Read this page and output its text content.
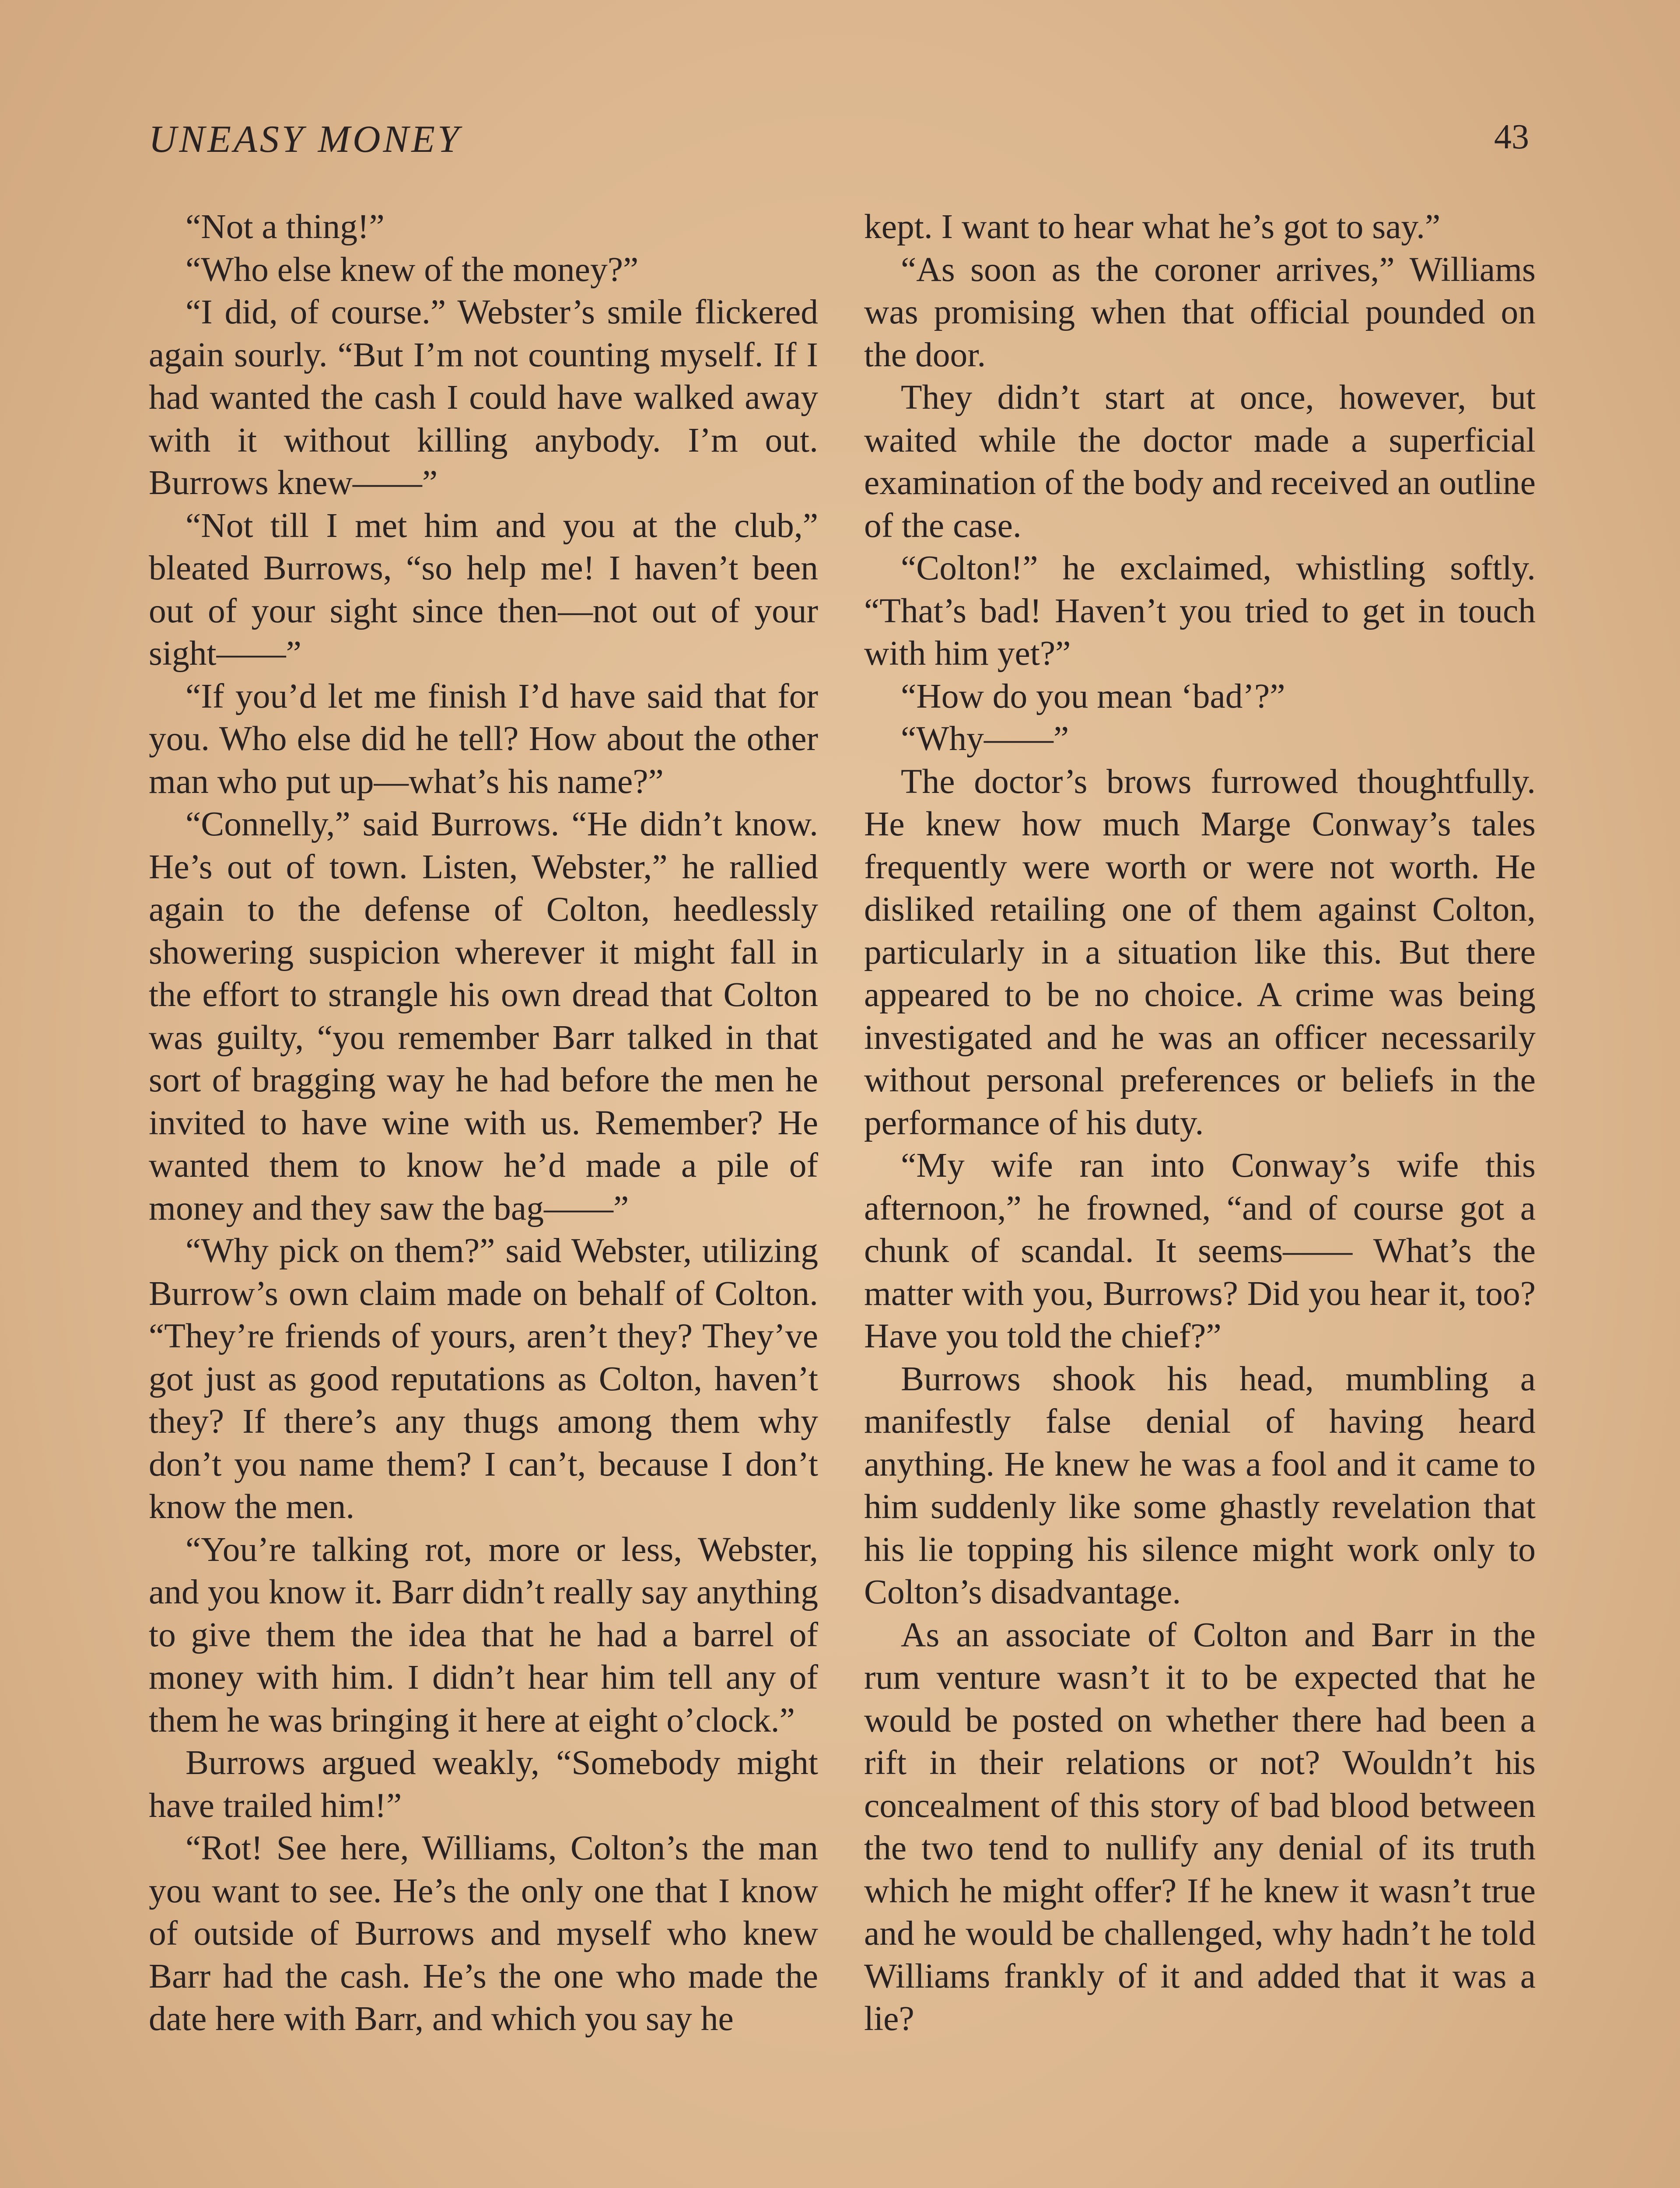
UNEASY MONEY	43

“Not a thing!”

“Who else knew of the money?”

“I did, of course.” Webster’s smile flickered again sourly. “But I’m not counting myself. If I had wanted the cash I could have walked away with it without killing anybody. I’m out. Burrows knew——”

“Not till I met him and you at the club,” bleated Burrows, “so help me! I haven’t been out of your sight since then—not out of your sight——”

“If you’d let me finish I’d have said that for you. Who else did he tell? How about the other man who put up—what’s his name?”

“Connelly,” said Burrows. “He didn’t know. He’s out of town. Listen, Webster,” he rallied again to the defense of Colton, heedlessly showering suspicion wherever it might fall in the effort to strangle his own dread that Colton was guilty, “you remember Barr talked in that sort of bragging way he had before the men he invited to have wine with us. Remember? He wanted them to know he’d made a pile of money and they saw the bag——”

“Why pick on them?” said Webster, utilizing Burrow’s own claim made on behalf of Colton. “They’re friends of yours, aren’t they? They’ve got just as good reputations as Colton, haven’t they? If there’s any thugs among them why don’t you name them? I can’t, because I don’t know the men.

“You’re talking rot, more or less, Webster, and you know it. Barr didn’t really say anything to give them the idea that he had a barrel of money with him. I didn’t hear him tell any of them he was bringing it here at eight o’clock.”

Burrows argued weakly, “Somebody might have trailed him!”

“Rot! See here, Williams, Colton’s the man you want to see. He’s the only one that I know of outside of Burrows and myself who knew Barr had the cash. He’s the one who made the date here with Barr, and which you say he

kept. I want to hear what he’s got to say.”

“As soon as the coroner arrives,” Williams was promising when that official pounded on the door.

They didn’t start at once, however, but waited while the doctor made a superficial examination of the body and received an outline of the case.

“Colton!” he exclaimed, whistling softly. “That’s bad! Haven’t you tried to get in touch with him yet?”

“How do you mean ‘bad’?”

“Why——”

The doctor’s brows furrowed thoughtfully. He knew how much Marge Conway’s tales frequently were worth or were not worth. He disliked retailing one of them against Colton, particularly in a situation like this. But there appeared to be no choice. A crime was being investigated and he was an officer necessarily without personal preferences or beliefs in the performance of his duty.

“My wife ran into Conway’s wife this afternoon,” he frowned, “and of course got a chunk of scandal. It seems—— What’s the matter with you, Burrows? Did you hear it, too? Have you told the chief?”

Burrows shook his head, mumbling a manifestly false denial of having heard anything. He knew he was a fool and it came to him suddenly like some ghastly revelation that his lie topping his silence might work only to Colton’s disadvantage.

As an associate of Colton and Barr in the rum venture wasn’t it to be expected that he would be posted on whether there had been a rift in their relations or not? Wouldn’t his concealment of this story of bad blood between the two tend to nullify any denial of its truth which he might offer? If he knew it wasn’t true and he would be challenged, why hadn’t he told Williams frankly of it and added that it was a lie?
